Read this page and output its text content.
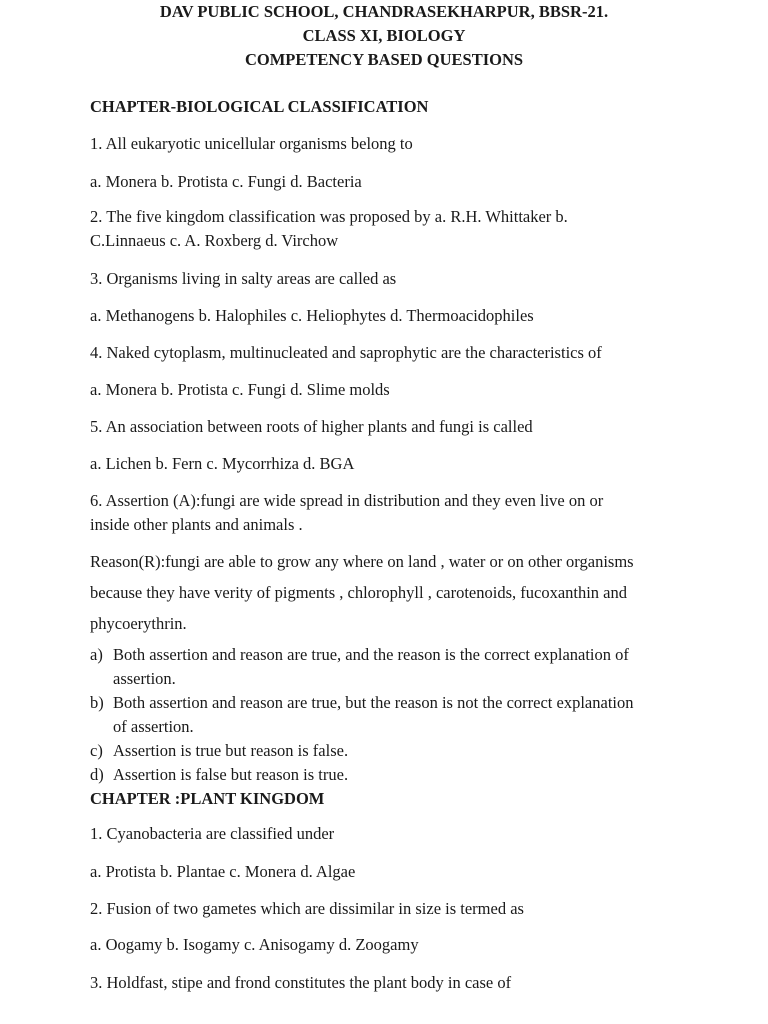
DAV PUBLIC SCHOOL, CHANDRASEKHARPUR, BBSR-21.

CLASS XI, BIOLOGY

COMPETENCY BASED QUESTIONS

CHAPTER-BIOLOGICAL CLASSIFICATION

1. All eukaryotic unicellular organisms belong to

a. Monera b. Protista c. Fungi d. Bacteria

2. The five kingdom classification was proposed by a. R.H. Whittaker b.

C.Linnaeus c. A. Roxberg d. Virchow

3. Organisms living in salty areas are called as

a. Methanogens b. Halophiles c. Heliophytes d. Thermoacidophiles

4. Naked cytoplasm, multinucleated and saprophytic are the characteristics of

a. Monera b. Protista c. Fungi d. Slime molds

5. An association between roots of higher plants and fungi is called

a. Lichen b. Fern c. Mycorrhiza d. BGA

6. Assertion (A):fungi are wide spread in distribution and they even live on or

inside other plants and animals .

Reason(R):fungi are able to grow any where on land , water or on other organisms

because they have verity of pigments , chlorophyll , carotenoids, fucoxanthin and

phycoerythrin.

a) Both assertion and reason are true, and the reason is the correct explanation of

assertion.

b) Both assertion and reason are true, but the reason is not the correct explanation

of assertion.

c) Assertion is true but reason is false.

d) Assertion is false but reason is true.

CHAPTER :PLANT KINGDOM

1. Cyanobacteria are classified under

a. Protista b. Plantae c. Monera d. Algae

2. Fusion of two gametes which are dissimilar in size is termed as

a. Oogamy b. Isogamy c. Anisogamy d. Zoogamy

3. Holdfast, stipe and frond constitutes the plant body in case of
